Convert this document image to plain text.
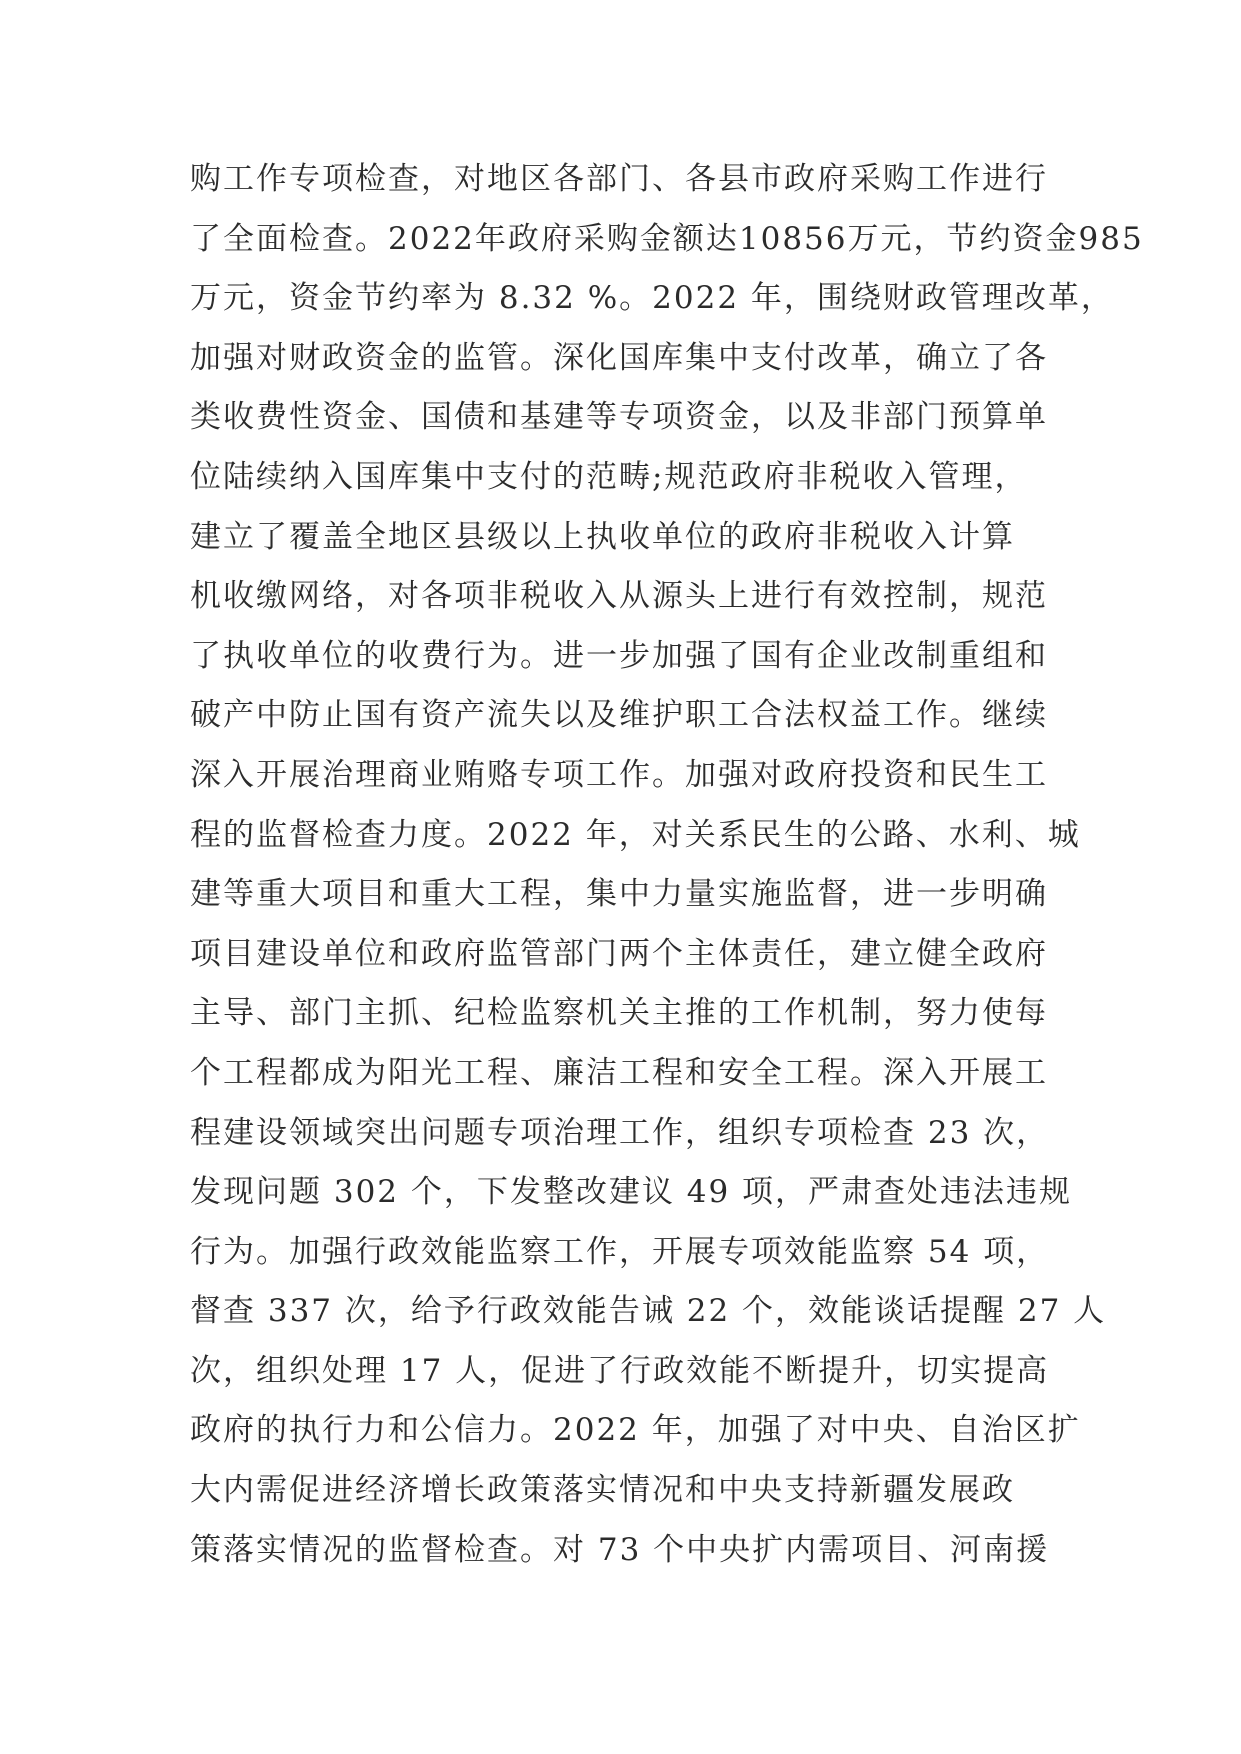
购工作专项检查，对地区各部门、各县市政府采购工作进行
了全面检查。2022年政府采购金额达10856万元，节约资金985
万元，资金节约率为 8.32 %。2022 年，围绕财政管理改革，
加强对财政资金的监管。深化国库集中支付改革，确立了各
类收费性资金、国债和基建等专项资金，以及非部门预算单
位陆续纳入国库集中支付的范畴;规范政府非税收入管理，
建立了覆盖全地区县级以上执收单位的政府非税收入计算
机收缴网络，对各项非税收入从源头上进行有效控制，规范
了执收单位的收费行为。进一步加强了国有企业改制重组和
破产中防止国有资产流失以及维护职工合法权益工作。继续
深入开展治理商业贿赂专项工作。加强对政府投资和民生工
程的监督检查力度。2022 年，对关系民生的公路、水利、城
建等重大项目和重大工程，集中力量实施监督，进一步明确
项目建设单位和政府监管部门两个主体责任，建立健全政府
主导、部门主抓、纪检监察机关主推的工作机制，努力使每
个工程都成为阳光工程、廉洁工程和安全工程。深入开展工
程建设领域突出问题专项治理工作，组织专项检查 23 次，
发现问题 302 个，下发整改建议 49 项，严肃查处违法违规
行为。加强行政效能监察工作，开展专项效能监察 54 项，
督查 337 次，给予行政效能告诫 22 个，效能谈话提醒 27 人
次，组织处理 17 人，促进了行政效能不断提升，切实提高
政府的执行力和公信力。2022 年，加强了对中央、自治区扩
大内需促进经济增长政策落实情况和中央支持新疆发展政
策落实情况的监督检查。对 73 个中央扩内需项目、河南援
